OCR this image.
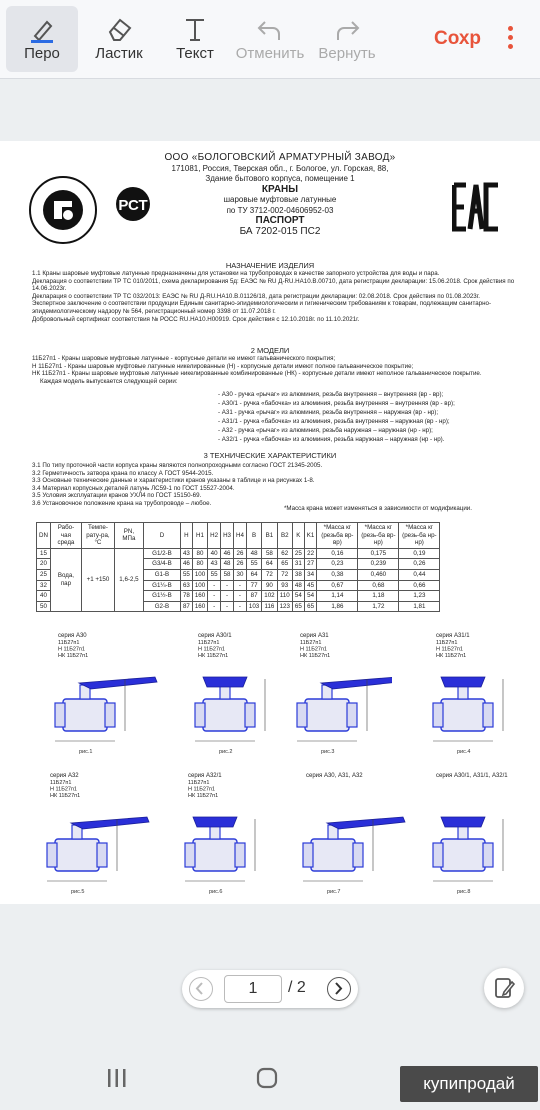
Перо Ластик Текст Отменить Вернуть
Сохр
ООО «БОЛОГОВСКИЙ АРМАТУРНЫЙ ЗАВОД»
171081, Россия, Тверская обл., г. Бологое, ул. Горская, 88,
Здание бытового корпуса, помещение 1
КРАНЫ
шаровые муфтовые латунные
по ТУ 3712-002-04606952-03
ПАСПОРТ
БА 7202-015 ПС2
РСТ
НАЗНАЧЕНИЕ ИЗДЕЛИЯ
1.1 Краны шаровые муфтовые латунные предназначены для установки на трубопроводах в качестве запорного устройства для воды и пара.
Декларация о соответствии ТР ТС 010/2011, схема декларирования 5д: ЕАЭС № RU Д-RU.НА10.В.00710, дата регистрации декларации: 15.06.2018. Срок действия по 14.06.2023г.
Декларация о соответствии ТР ТС 032/2013: ЕАЭС № RU Д-RU.НА10.В.01126/18, дата регистрации декларации: 02.08.2018. Срок действия по 01.08.2023г.
Экспертное заключение о соответствии продукции Единым санитарно-эпидемиологическим и гигиеническим требованиям к товарам, подлежащим санитарно-эпидемиологическому надзору № 564, регистрационный номер 3398 от 11.07.2018 г.
Добровольный сертификат соответствия № РОСС RU.НА10.Н00919. Срок действия с 12.10.2018г. по 11.10.2021г.
2 МОДЕЛИ
11Б27п1 - Краны шаровые муфтовые латунные - корпусные детали не имеют гальванического покрытия;
Н 11Б27п1 - Краны шаровые муфтовые латунные никелированные (Н) - корпусные детали имеют полное гальваническое покрытие;
НК 11Б27п1 - Краны шаровые муфтовые латунные никелированные комбинированные (НК) - корпусные детали имеют неполное гальваническое покрытие.
Каждая модель выпускается следующей серии:
- А30 - ручка «рычаг» из алюминия, резьба внутренняя – внутренняя (вр - вр);
- А30/1 - ручка «бабочка» из алюминия, резьба внутренняя – внутренняя (вр - вр);
- А31 - ручка «рычаг» из алюминия, резьба внутренняя – наружная (вр - нр);
- А31/1 - ручка «бабочка» из алюминия, резьба внутренняя – наружная (вр - нр);
- А32 - ручка «рычаг» из алюминия, резьба наружная – наружная (нр - нр);
- А32/1 - ручка «бабочка» из алюминия, резьба наружная – наружная (нр - нр).
3 ТЕХНИЧЕСКИЕ ХАРАКТЕРИСТИКИ
3.1 По типу проточной части корпуса краны являются полнопроходными согласно ГОСТ 21345-2005.
3.2 Герметичность затвора крана по классу А ГОСТ 9544-2015.
3.3 Основные технические данные и характеристики кранов указаны в таблице и на рисунках 1-8.
3.4 Материал корпусных деталей латунь ЛС59-1 по ГОСТ 15527-2004.
3.5 Условия эксплуатации кранов УХЛ4 по ГОСТ 15150-69.
3.6 Установочное положение крана на трубопроводе – любое.
*Масса крана может изменяться в зависимости от модификации.
DN	Рабо-чая среда	Темпе-рату-ра,°С	PN, МПа	D	H	H1	H2	H3	H4	B	B1	B2	K	K1	*Масса кг (резьба вр-вр)	*Масса кг (резь-ба вр-нр)	*Масса кг (резь-ба нр-нр)
15	Вода, пар	+1 +150	1,6-2,5	G1/2-B	43	80	40	46	26	48	58	62	25	22	0,16	0,175	0,19
20				G3/4-B	46	80	43	48	26	55	64	65	31	27	0,23	0,239	0,26
25				G1-B	55	100	55	58	30	64	72	72	38	34	0,38	0,460	0,44
32				G1¼-B	63	100	-	-	-	77	90	93	48	45	0,67	0,68	0,66
40				G1½-B	78	160	-	-	-	87	102	110	54	54	1,14	1,18	1,23
50				G2-B	87	160	-	-	-	103	116	123	65	65	1,86	1,72	1,81
серия А30
11Б27п1
Н 11Б27п1
НК 11Б27п1
рис.1
серия А30/1
11Б27п1
Н 11Б27п1
НК 11Б27п1
рис.2
серия А31
11Б27п1
Н 11Б27п1
НК 11Б27п1
рис.3
серия А31/1
11Б27п1
Н 11Б27п1
НК 11Б27п1
рис.4
серия А32
11Б27п1
Н 11Б27п1
НК 11Б27п1
рис.5
серия А32/1
11Б27п1
Н 11Б27п1
НК 11Б27п1
рис.6
серия А30, А31, А32
рис.7
серия А30/1, А31/1, А32/1
рис.8
1	/ 2
купипродай
